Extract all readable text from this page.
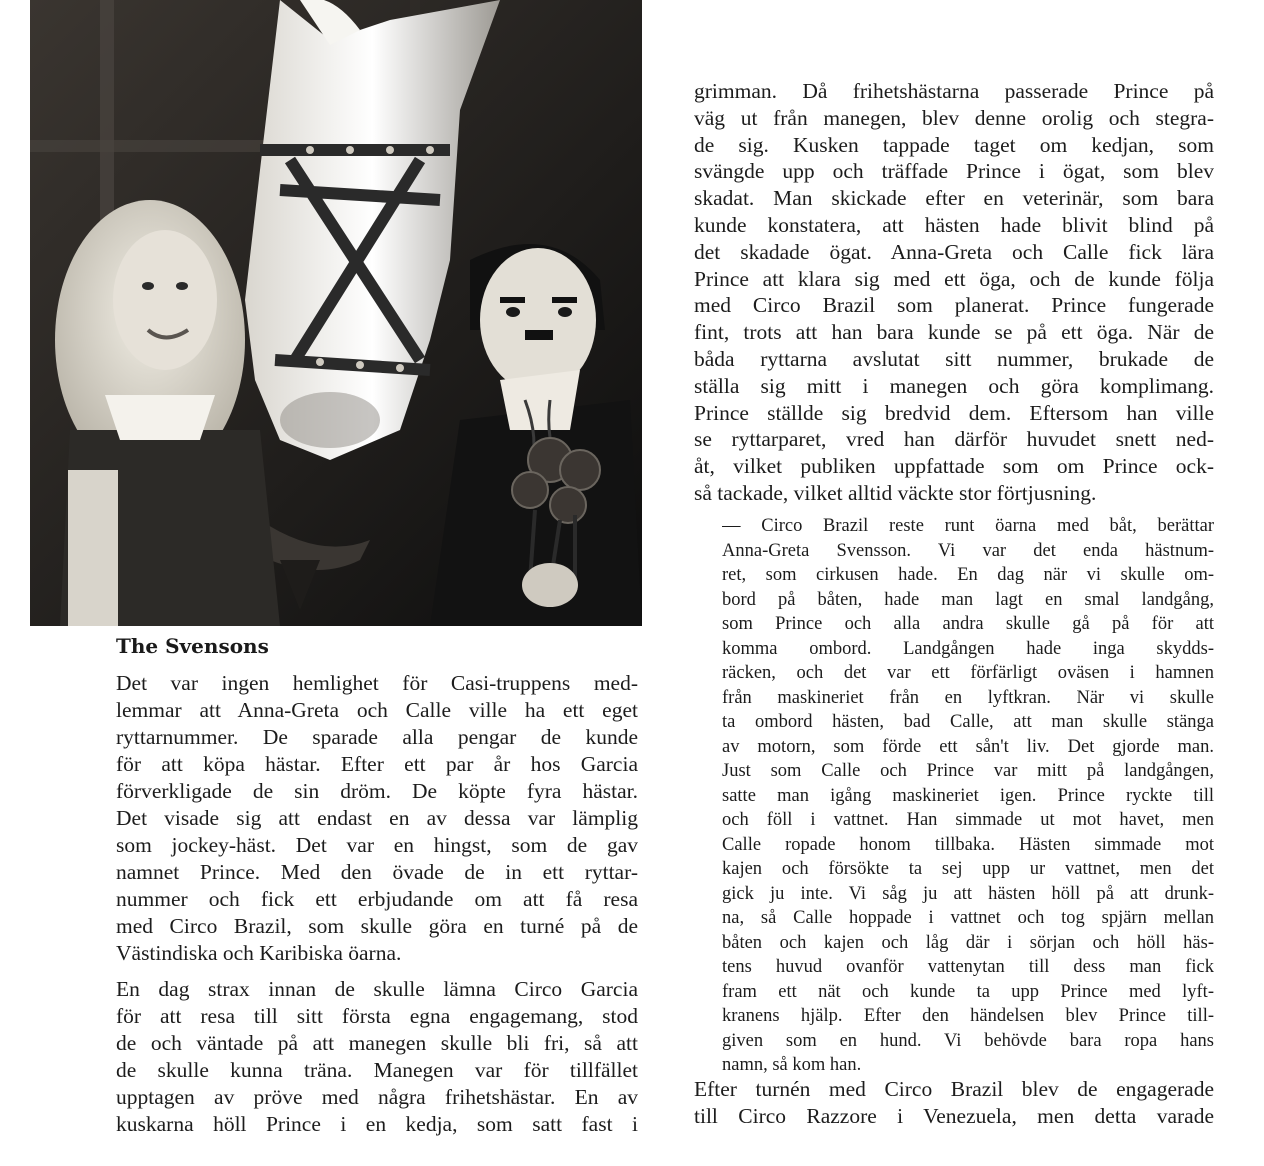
The Svensons

Det var ingen hemlighet för Casi-truppens med-

lemmar att Anna-Greta och Calle ville ha ett eget

ryttarnummer. De sparade alla pengar de kunde

för att köpa hästar. Efter ett par år hos Garcia

förverkligade de sin dröm. De köpte fyra hästar.

Det visade sig att endast en av dessa var lämplig

som jockey-häst. Det var en hingst, som de gav

namnet Prince. Med den övade de in ett ryttar-

nummer och fick ett erbjudande om att få resa

med Circo Brazil, som skulle göra en turné på de

Västindiska och Karibiska öarna.

En dag strax innan de skulle lämna Circo Garcia

för att resa till sitt första egna engagemang, stod

de och väntade på att manegen skulle bli fri, så att

de skulle kunna träna. Manegen var för tillfället

upptagen av pröve med några frihetshästar. En av

kuskarna höll Prince i en kedja, som satt fast i

grimman. Då frihetshästarna passerade Prince på

väg ut från manegen, blev denne orolig och stegra-

de sig. Kusken tappade taget om kedjan, som

svängde upp och träffade Prince i ögat, som blev

skadat. Man skickade efter en veterinär, som bara

kunde konstatera, att hästen hade blivit blind på

det skadade ögat. Anna-Greta och Calle fick lära

Prince att klara sig med ett öga, och de kunde följa

med Circo Brazil som planerat. Prince fungerade

fint, trots att han bara kunde se på ett öga. När de

båda ryttarna avslutat sitt nummer, brukade de

ställa sig mitt i manegen och göra komplimang.

Prince ställde sig bredvid dem. Eftersom han ville

se ryttarparet, vred han därför huvudet snett ned-

åt, vilket publiken uppfattade som om Prince ock-

så tackade, vilket alltid väckte stor förtjusning.

— Circo Brazil reste runt öarna med båt, berättar

Anna-Greta Svensson. Vi var det enda hästnum-

ret, som cirkusen hade. En dag när vi skulle om-

bord på båten, hade man lagt en smal landgång,

som Prince och alla andra skulle gå på för att

komma ombord. Landgången hade inga skydds-

räcken, och det var ett förfärligt oväsen i hamnen

från maskineriet från en lyftkran. När vi skulle

ta ombord hästen, bad Calle, att man skulle stänga

av motorn, som förde ett sån't liv. Det gjorde man.

Just som Calle och Prince var mitt på landgången,

satte man igång maskineriet igen. Prince ryckte till

och föll i vattnet. Han simmade ut mot havet, men

Calle ropade honom tillbaka. Hästen simmade mot

kajen och försökte ta sej upp ur vattnet, men det

gick ju inte. Vi såg ju att hästen höll på att drunk-

na, så Calle hoppade i vattnet och tog spjärn mellan

båten och kajen och låg där i sörjan och höll häs-

tens huvud ovanför vattenytan till dess man fick

fram ett nät och kunde ta upp Prince med lyft-

kranens hjälp. Efter den händelsen blev Prince till-

given som en hund. Vi behövde bara ropa hans

namn, så kom han.

Efter turnén med Circo Brazil blev de engagerade

till Circo Razzore i Venezuela, men detta varade
